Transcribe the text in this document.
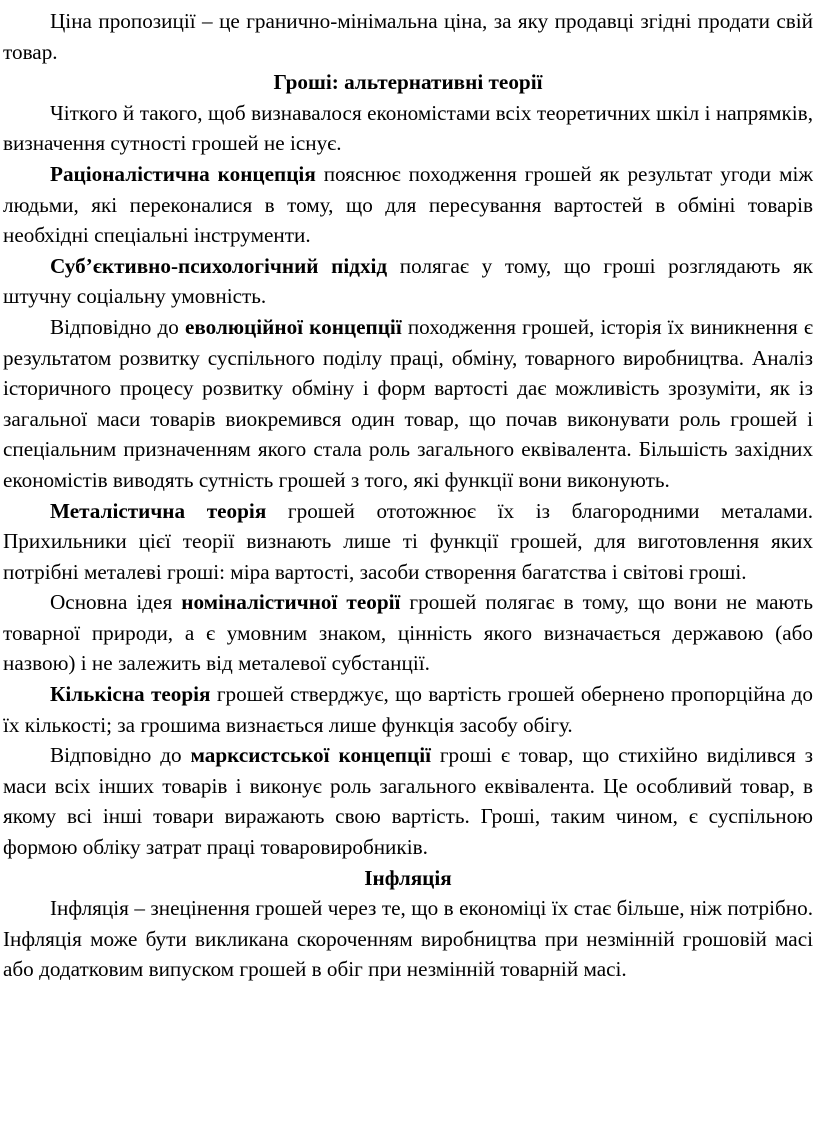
Ціна пропозиції – це гранично-мінімальна ціна, за яку продавці згідні продати свій товар.

Гроші: альтернативні теорії

Чіткого й такого, щоб визнавалося економістами всіх теоретичних шкіл і напрямків, визначення сутності грошей не існує.

Раціоналістична концепція пояснює походження грошей як результат угоди між людьми, які переконалися в тому, що для пересування вартостей в обміні товарів необхідні спеціальні інструменти.

Суб’єктивно-психологічний підхід полягає у тому, що гроші розглядають як штучну соціальну умовність.

Відповідно до еволюційної концепції походження грошей, історія їх виникнення є результатом розвитку суспільного поділу праці, обміну, товарного виробництва. Аналіз історичного процесу розвитку обміну і форм вартості дає можливість зрозуміти, як із загальної маси товарів виокремився один товар, що почав виконувати роль грошей і спеціальним призначенням якого стала роль загального еквівалента. Більшість західних економістів виводять сутність грошей з того, які функції вони виконують.

Металістична теорія грошей ототожнює їх із благородними металами. Прихильники цієї теорії визнають лише ті функції грошей, для виготовлення яких потрібні металеві гроші: міра вартості, засоби створення багатства і світові гроші.

Основна ідея номіналістичної теорії грошей полягає в тому, що вони не мають товарної природи, а є умовним знаком, цінність якого визначається державою (або назвою) і не залежить від металевої субстанції.

Кількісна теорія грошей стверджує, що вартість грошей обернено пропорційна до їх кількості; за грошима визнається лише функція засобу обігу.

Відповідно до марксистської концепції гроші є товар, що стихійно виділився з маси всіх інших товарів і виконує роль загального еквівалента. Це особливий товар, в якому всі інші товари виражають свою вартість. Гроші, таким чином, є суспільною формою обліку затрат праці товаровиробників.

Інфляція

Інфляція – знецінення грошей через те, що в економіці їх стає більше, ніж потрібно. Інфляція може бути викликана скороченням виробництва при незмінній грошовій масі або додатковим випуском грошей в обіг при незмінній товарній масі.
